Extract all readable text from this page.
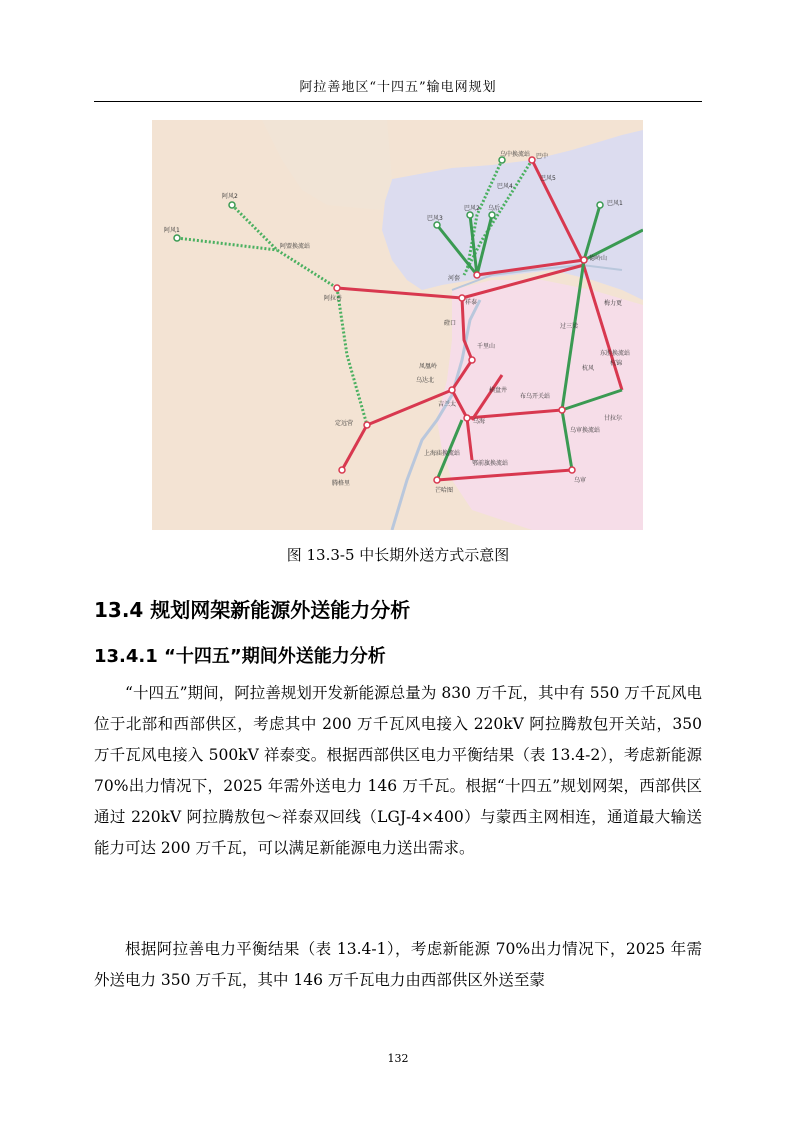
阿拉善地区“十四五”输电网规划
阿风2
阿风1
阿盟换流站
阿拉善
定远营
腾格里
乌中换流站
巴风4
巴风5
巴中
巴风3
巴风2 乌后
巴风1
德岭山
河套
祥泰
磴口
梅力更
过三梁
千里山
东胜换流站
杭锦
凤凰岭
乌达北
杭风
横盘井
布乌开关站
吉兰太
乌海	甘拉尔
乌审换流站
上海庙换流站
鄂前旗换流站
芒哈图
乌审
图 13.3-5 中长期外送方式示意图
13.4 规划网架新能源外送能力分析
13.4.1 “十四五”期间外送能力分析

“十四五”期间，阿拉善规划开发新能源总量为 830 万千瓦，其中有 550 万千瓦风电位于北部和西部供区，考虑其中 200 万千瓦风电接入 220kV 阿拉腾敖包开关站，350 万千瓦风电接入 500kV 祥泰变。根据西部供区电力平衡结果（表 13.4-2），考虑新能源 70%出力情况下，2025 年需外送电力 146 万千瓦。根据“十四五”规划网架，西部供区通过 220kV 阿拉腾敖包～祥泰双回线（LGJ-4×400）与蒙西主网相连，通道最大输送能力可达 200 万千瓦，可以满足新能源电力送出需求。

根据阿拉善电力平衡结果（表 13.4-1），考虑新能源 70%出力情况下，2025 年需外送电力 350 万千瓦，其中 146 万千瓦电力由西部供区外送至蒙

132
